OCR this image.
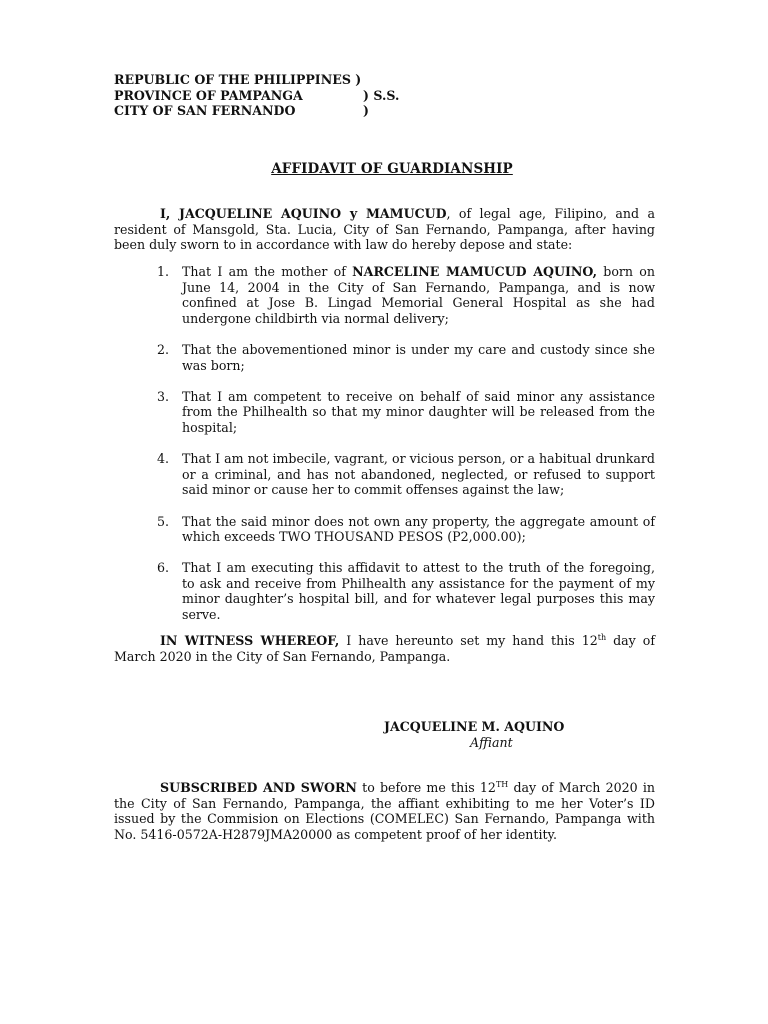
REPUBLIC OF THE PHILIPPINES )
PROVINCE OF PAMPANGA	) S.S.
CITY OF SAN FERNANDO	)
AFFIDAVIT OF GUARDIANSHIP
I, JACQUELINE AQUINO y MAMUCUD, of legal age, Filipino, and a resident of Mansgold, Sta. Lucia, City of San Fernando, Pampanga, after having been duly sworn to in accordance with law do hereby depose and state:
1. That I am the mother of NARCELINE MAMUCUD AQUINO, born on June 14, 2004 in the City of San Fernando, Pampanga, and is now confined at Jose B. Lingad Memorial General Hospital as she had undergone childbirth via normal delivery;
2. That the abovementioned minor is under my care and custody since she was born;
3. That I am competent to receive on behalf of said minor any assistance from the Philhealth so that my minor daughter will be released from the hospital;
4. That I am not imbecile, vagrant, or vicious person, or a habitual drunkard or a criminal, and has not abandoned, neglected, or refused to support said minor or cause her to commit offenses against the law;
5. That the said minor does not own any property, the aggregate amount of which exceeds TWO THOUSAND PESOS (P2,000.00);
6. That I am executing this affidavit to attest to the truth of the foregoing, to ask and receive from Philhealth any assistance for the payment of my minor daughter’s hospital bill, and for whatever legal purposes this may serve.
IN WITNESS WHEREOF, I have hereunto set my hand this 12th day of March 2020 in the City of San Fernando, Pampanga.
JACQUELINE M. AQUINO
Affiant
SUBSCRIBED AND SWORN to before me this 12TH day of March 2020 in the City of San Fernando, Pampanga, the affiant exhibiting to me her Voter’s ID issued by the Commision on Elections (COMELEC) San Fernando, Pampanga with No. 5416-0572A-H2879JMA20000 as competent proof of her identity.
